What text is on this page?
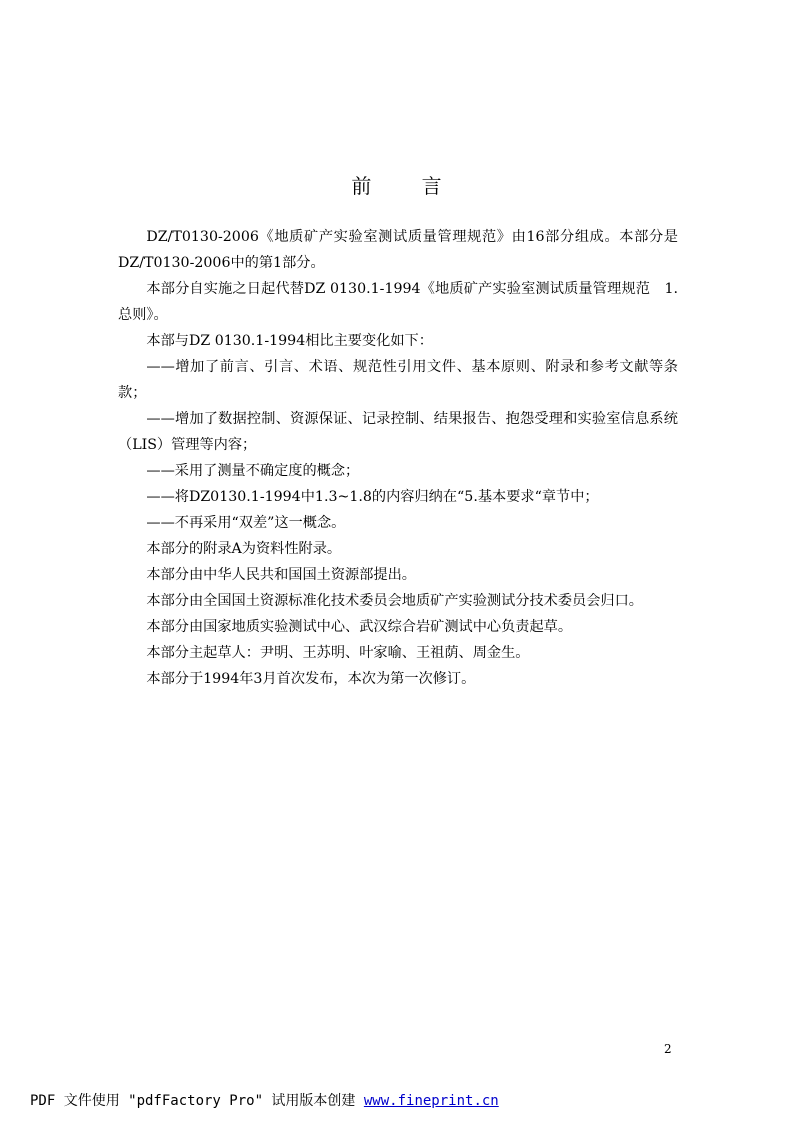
前 言

DZ/T0130-2006《地质矿产实验室测试质量管理规范》由16部分组成。本部分是DZ/T0130-2006中的第1部分。

本部分自实施之日起代替DZ 0130.1-1994《地质矿产实验室测试质量管理规范　1.总则》。

本部与DZ 0130.1-1994相比主要变化如下：

——增加了前言、引言、术语、规范性引用文件、基本原则、附录和参考文献等条款；

——增加了数据控制、资源保证、记录控制、结果报告、抱怨受理和实验室信息系统（LIS）管理等内容；

——采用了测量不确定度的概念；

——将DZ0130.1-1994中1.3~1.8的内容归纳在“5.基本要求“章节中；

——不再采用“双差”这一概念。

本部分的附录A为资料性附录。

本部分由中华人民共和国国土资源部提出。

本部分由全国国土资源标准化技术委员会地质矿产实验测试分技术委员会归口。

本部分由国家地质实验测试中心、武汉综合岩矿测试中心负责起草。

本部分主起草人：尹明、王苏明、叶家喻、王祖荫、周金生。

本部分于1994年3月首次发布，本次为第一次修订。

2
PDF 文件使用 "pdfFactory Pro" 试用版本创建 www.fineprint.cn
